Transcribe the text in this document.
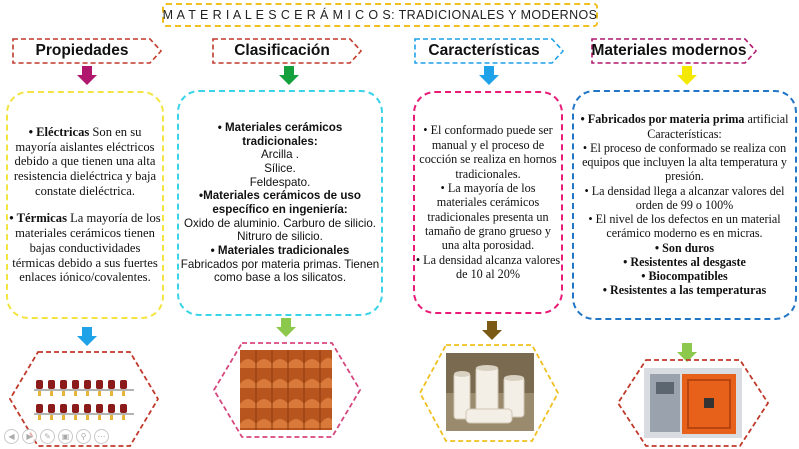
M A T E R I A L E S C E R Á M I C O S: TRADICIONALES Y MODERNOS
Propiedades	Clasificación	Características	Materiales modernos

• Eléctricas Son en su mayoría aislantes eléctricos debido a que tienen una alta resistencia dieléctrica y baja constate dieléctrica.

• Térmicas La mayoría de los materiales cerámicos tienen bajas conductividades térmicas debido a sus fuertes enlaces iónico/covalentes.

• Materiales cerámicos tradicionales:

Arcilla .

Sílice.

Feldespato.

•Materiales cerámicos de uso específico en ingeniería:

Oxido de aluminio. Carburo de silicio.

Nitruro de silicio.

• Materiales tradicionales

Fabricados por materia primas. Tienen como base a los silicatos.

• El conformado puede ser manual y el proceso de cocción se realiza en hornos tradicionales.

• La mayoría de los materiales cerámicos tradicionales presenta un tamaño de grano grueso y una alta porosidad.

• La densidad alcanza valores de 10 al 20%

• Fabricados por materia prima artificial Características:

• El proceso de conformado se realiza con equipos que incluyen la alta temperatura y presión.

• La densidad llega a alcanzar valores del orden de 99 o 100%

• El nivel de los defectos en un material cerámico moderno es en micras.

• Son duros

• Resistentes al desgaste

• Biocompatibles

• Resistentes a las temperaturas

◀	▶	✎	▣	⚲	⋯
